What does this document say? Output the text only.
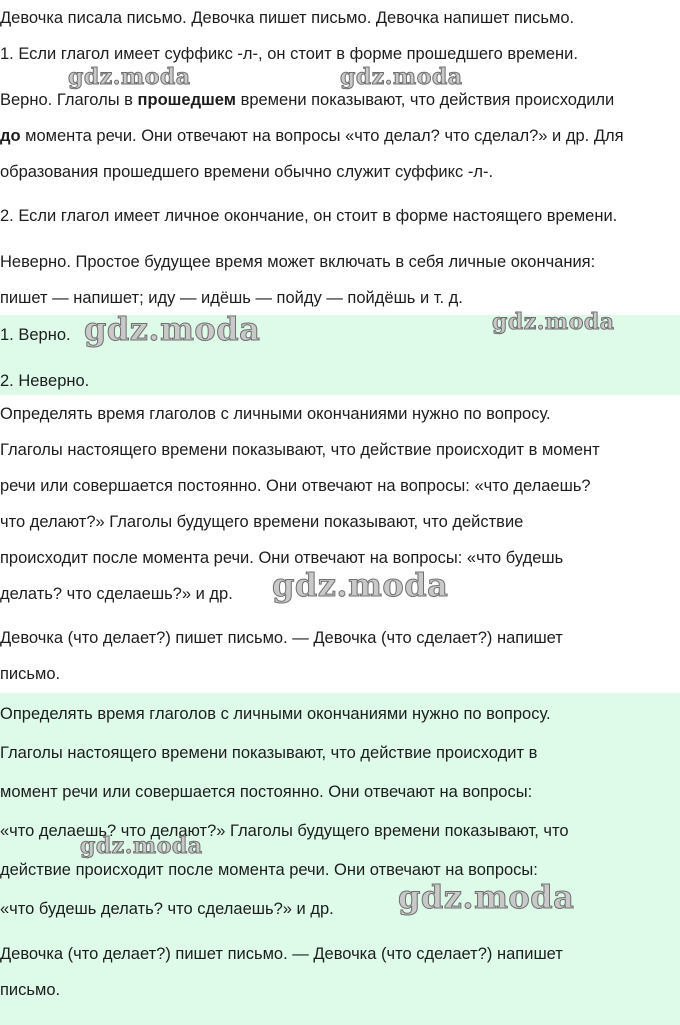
Девочка писала письмо. Девочка пишет письмо. Девочка напишет письмо.

1. Если глагол имеет суффикс -л-, он стоит в форме прошедшего времени.

Верно. Глаголы в прошедшем времени показывают, что действия происходили
до момента речи. Они отвечают на вопросы «что делал? что сделал?» и др. Для
образования прошедшего времени обычно служит суффикс -л-.

2. Если глагол имеет личное окончание, он стоит в форме настоящего времени.

Неверно. Простое будущее время может включать в себя личные окончания:
пишет — напишет; иду — идёшь — пойду — пойдёшь и т. д.

1. Верно.
2. Неверно.

Определять время глаголов с личными окончаниями нужно по вопросу.
Глаголы настоящего времени показывают, что действие происходит в момент
речи или совершается постоянно. Они отвечают на вопросы: «что делаешь?
что делают?» Глаголы будущего времени показывают, что действие
происходит после момента речи. Они отвечают на вопросы: «что будешь
делать? что сделаешь?» и др.

Девочка (что делает?) пишет письмо. — Девочка (что сделает?) напишет
письмо.

Определять время глаголов с личными окончаниями нужно по вопросу.
Глаголы настоящего времени показывают, что действие происходит в
момент речи или совершается постоянно. Они отвечают на вопросы:
«что делаешь? что делают?» Глаголы будущего времени показывают, что
действие происходит после момента речи. Они отвечают на вопросы:
«что будешь делать? что сделаешь?» и др.

Девочка (что делает?) пишет письмо. — Девочка (что сделает?) напишет
письмо.

gdz.moda	gdz.moda
gdz.moda	gdz.moda
gdz.moda
gdz.moda
gdz.moda
